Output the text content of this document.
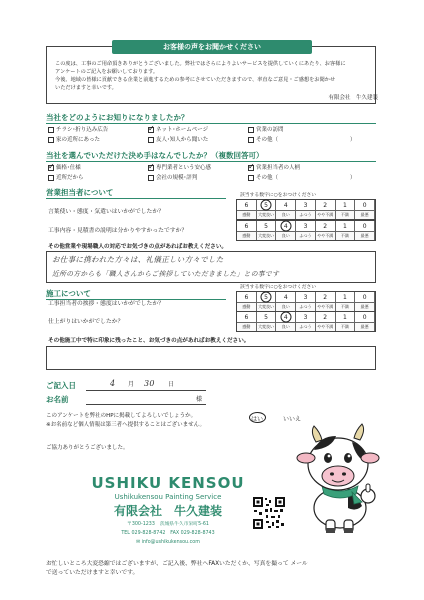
この度は、工事のご用命頂きありがとうございました。弊社ではさらによりよいサービスを提供していくにあたり、お客様に
アンケートのご記入をお願いしております。
今後、地域の皆様に貢献できる企業と前進するための参考にさせていただきますので、率直なご意見・ご感想をお聞かせ
いただけますと幸いです。
お客様の声をお聞かせください
有限会社　牛久建装
当社をどのようにお知りになりましたか？
チラシ･折り込み広告 ✓	ネット･ホームページ	営業の訪問
家の近所にあった	友人･知人から聞いた	その他（	）
当社を選んでいただけた決め手はなんでしたか？（複数回答可）
✓
価格･仕様 ✓	専門業者という安心感 ✓	営業担当者の人柄
近所だから	会社の規模･評判	その他（	）
営業担当者について	該当する数字に○をおつけください
言葉使い・態度・気遣いはいかがでしたか？
工事内容・見積書の説明は分かりやすかったですか？
6	5	4	3	2	1	0
感動	大変良い	良い	ふつう	やや不満	不満	最悪
6	5	4	3	2	1	0
感動	大変良い	良い	ふつう	やや不満	不満	最悪
その他営業や現場職人の対応でお気づきの点があればお教えください。
お仕事に携われた方々は、礼儀正しい方々でした
近所の方からも「職人さんからご挨拶していただきました」との事です
施工について
該当する数字に○をおつけください
工事担当者の挨拶・態度はいかがでしたか？
仕上がりはいかがでしたか？
6	5	4	3	2	1	0
感動	大変良い	良い	ふつう	やや不満	不満	最悪
6	5	4	3	2	1	0
感動	大変良い	良い	ふつう	やや不満	不満	最悪
その他施工中で特に印象に残ったこと、お気づきの点があればお教えください。
ご記入日	4 月 30 日
お名前	様
このアンケートを弊社のHPに掲載してよろしいでしょうか。
※お名前など個人情報は第三者へ提供することはございません。
はい	いいえ
ご協力ありがとうございました。
USHIKU KENSOU
Ushikukensou Painting Service
有限会社　牛久建装
〒300-1233　茨城県牛久市栄町5-61
TEL 029-828-8742　FAX 029-828-8743
✉ info@ushikukensou.com
お忙しいところ大変恐縮ではございますが、ご記入後、弊社へFAXいただくか、写真を撮って メール
で送っていただけますと幸いです。
